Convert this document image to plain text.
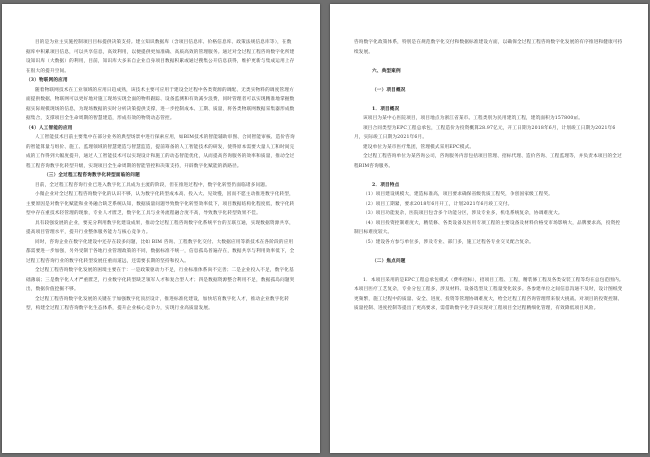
目的是为业主实施控制项目目标提供决策支持。建立知识数据库（含项目信息库、价格信息库、政策法规信息库等），在数据库中积累项目信息，可以共享信息，高效利用，以便提供更加准确、高质高效的管理服务。通过对全过程工程咨询数字化所建设知识库（大数据）的利用，目前，知识库大多来自企业自身项目数据积累或通过搜集公开信息获得，维护更新与集成运用上存在很大的提升空间。

（3）物联网的应用

随着物联网技术在工业领域的应用日趋成熟，该技术主要可应用于建设全过程中各类资源的调配、无类实物料的调度管理方面提供数据，物联网可以更好地对施工现场实现全面的物料跟踪、设备监测和有效减少浪费，同时管理者可以实现精准地掌握数据实际规模现场的信息，为现场数据的实时分析决策提供支撑，进一步控制成本、工期、质量，将各类物联网数据采集器形成数据集合，支撑项目全生命周期的智慧建造，形成有效的物资动态管控。

（4）人工智能的应用

人工智能技术目前主要集中在部分业务的典型场景中进行探索应用，如BIM技术的智能辅助审图、合同智能审核、造价咨询的智能算量与组价、施工、监理领域的智慧建造与智慧监造，提前筹备的人工智能技术的研发，使得原本需要大量人工和时间完成的工作得到大幅度提升，通过人工智能技术可以实现设计和施工的动态智能优化，从而提高咨询服务的效率和质量，推动全过程工程咨询数字化转型升级，实现项目全生命周期的智能管控和决策支持，开辟数字化赋能的新路径。

（三）全过程工程咨询数字化转型面临的问题

目前，全过程工程咨询行业已进入数字化工具成为主流的阶段，但在推进过程中，数字化转型仍面临诸多问题。

小微企业对全过程工程咨询数字化的认识不够，认为数字化转型成本高、投入大、见效慢，因而不愿主动推进数字化转型，主要原因是对数字化赋能和业务融合缺乏系统认知，数据质量问题导致数字化转型效率低下，项目数据结构化程度低，数字化转型中存在重技术轻管理的现象，专业人才匮乏，数字化工具与业务流程融合度不高，导致数字化转型效果不佳。

具有较强发展的企业，要充分利用数字化建设成果，推动全过程工程咨询数字化系统平台的互联互通，实现数据资源共享，提高项目管理水平，提升行业整体服务能力与核心竞争力。

同时，咨询企业在数字化建设中还存在较多问题，比如 BIM 咨询、工程数字化交付、大数据应用等新技术在各阶段的应用都需要进一步加强，另外受制于各地行业管理政策的不同，数据标准不统一，信息孤岛普遍存在，数据共享与利用效率低下，全过程工程咨询行业的数字化转型发展任重而道远，还需要长期的坚持和投入。

全过程工程咨询数字化发展的困境主要在于：一是政策驱动力不足，行业标准体系尚不完善；二是企业投入不足，数字化基础薄弱；三是数字化人才严重匮乏，行业数字化转型缺乏领军人才和复合型人才；四是数据资源整合利用不足，数据孤岛问题突出，数据价值挖掘不够。

全过程工程咨询数字化发展的关键在于加强数字化顶层设计，推进标准化建设，加快培育数字化人才，推动企业数字化转型，构建全过程工程咨询数字化生态体系，提升企业核心竞争力，实现行业高质量发展。

咨询数字化政策体系，特别是在规范数字化交付和数据标准建设方面，以确保全过程工程咨询数字化发展的有序推进和健康可持续发展。

六、典型案例

（一）项目概况

1．项目概况

该项目为某中心医院项目，项目地点为浙江省某市。工程类别为民用建筑工程，建筑面积为157800㎡。

项目合同类型为EPC工程总承包，工程造价为投资概算28.97亿元，开工日期为2018年6月，计划竣工日期为2021年6月，实际竣工日期为2021年6月。

建设单位为某市医疗集团，管理模式采用EPC模式。

全过程工程咨询单位为某咨询公司，咨询服务内容包括项目管理、招标代理、造价咨询、工程监理等，并负责本项目的全过程BIM咨询服务。

2．项目特点

（1）项目建设规模大，建造标准高，项目要求确保省级优质工程奖，争创国家级工程奖。

（2）项目工期紧，要求2018年6月开工，计划2021年6月竣工交付。

（3）项目功能复杂，医院项目包含多个功能分区，涉及专业多，机电系统复杂，协调难度大。

（4）项目投资控制难度大，精装修、各类设备及医用专项工程的主要设备及材料价格受市场影响大，品牌要求高，投资控制目标难度较大。

（5）建设各方参与单位多，涉及专业、部门多，施工过程各专业交叉配合复杂。

（二）焦点问题

1．本项目采用的是EPC工程总承包模式（费率招标），招项目工程、工程，精装修工程及各类安装工程等均在总包范围内。本项目医疗工艺复杂，专业分包工程多，涉及材料、设备选型及工程量变化较多。各参建单位之间信息沟通不及时，设计图纸变更频繁，施工过程中的质量、安全、进度、投资等管理协调难度大，给全过程工程咨询管理带来很大挑战。对项目的投资控制、质量控制、进度控制等提出了更高要求，需借助数字化手段实现对工程项目全过程精细化管理，有效降低项目风险。
